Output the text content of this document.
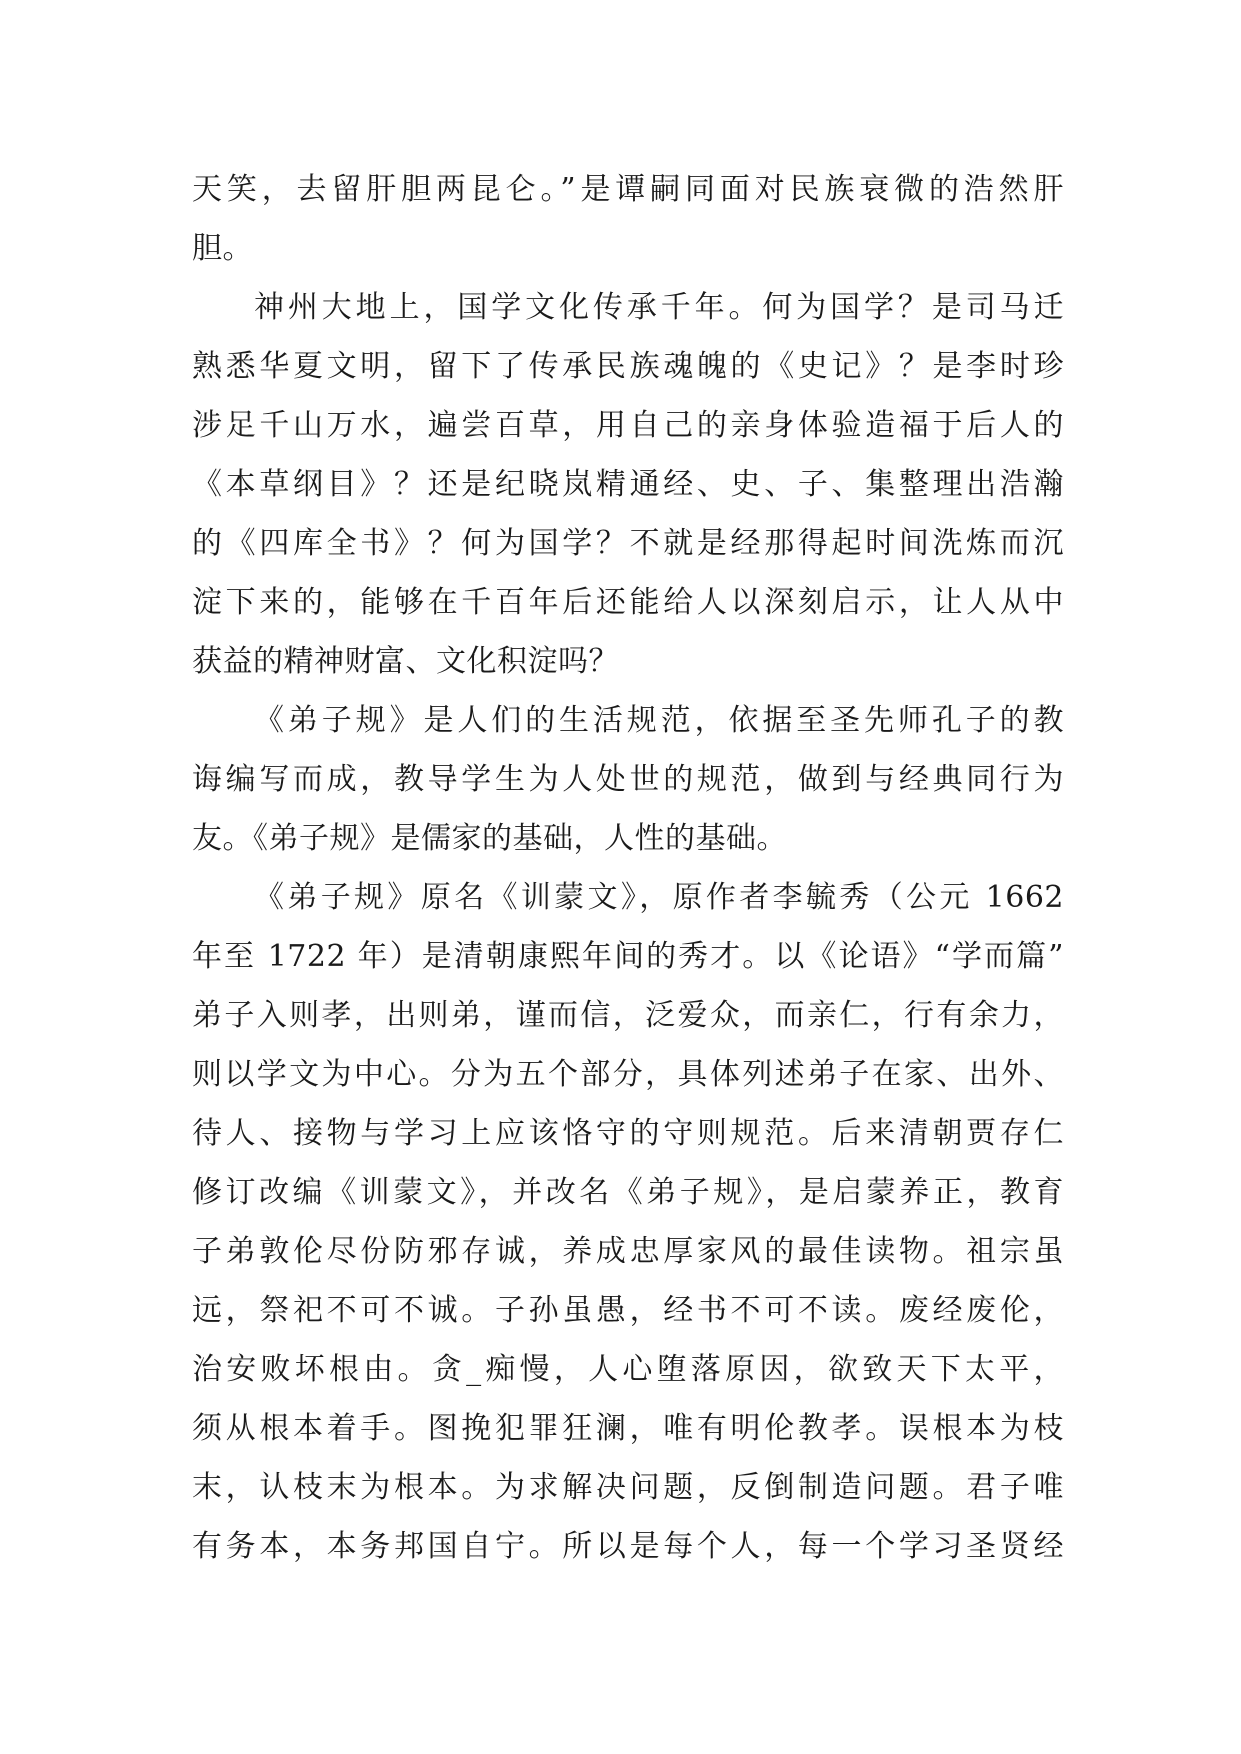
天笑，去留肝胆两昆仑。”是谭嗣同面对民族衰微的浩然肝
胆。
神州大地上，国学文化传承千年。何为国学？是司马迁
熟悉华夏文明，留下了传承民族魂魄的《史记》？是李时珍
涉足千山万水，遍尝百草，用自己的亲身体验造福于后人的
《本草纲目》？还是纪晓岚精通经、史、子、集整理出浩瀚
的《四库全书》？何为国学？不就是经那得起时间洗炼而沉
淀下来的，能够在千百年后还能给人以深刻启示，让人从中
获益的精神财富、文化积淀吗？
《弟子规》是人们的生活规范，依据至圣先师孔子的教
诲编写而成，教导学生为人处世的规范，做到与经典同行为
友。《弟子规》是儒家的基础，人性的基础。
《弟子规》原名《训蒙文》，原作者李毓秀（公元 1662
年至 1722 年）是清朝康熙年间的秀才。以《论语》“学而篇”
弟子入则孝，出则弟，谨而信，泛爱众，而亲仁，行有余力，
则以学文为中心。分为五个部分，具体列述弟子在家、出外、
待人、接物与学习上应该恪守的守则规范。后来清朝贾存仁
修订改编《训蒙文》，并改名《弟子规》，是启蒙养正，教育
子弟敦伦尽份防邪存诚，养成忠厚家风的最佳读物。祖宗虽
远，祭祀不可不诚。子孙虽愚，经书不可不读。废经废伦，
治安败坏根由。贪_痴慢，人心堕落原因，欲致天下太平，
须从根本着手。图挽犯罪狂澜，唯有明伦教孝。误根本为枝
末，认枝末为根本。为求解决问题，反倒制造问题。君子唯
有务本，本务邦国自宁。所以是每个人，每一个学习圣贤经
